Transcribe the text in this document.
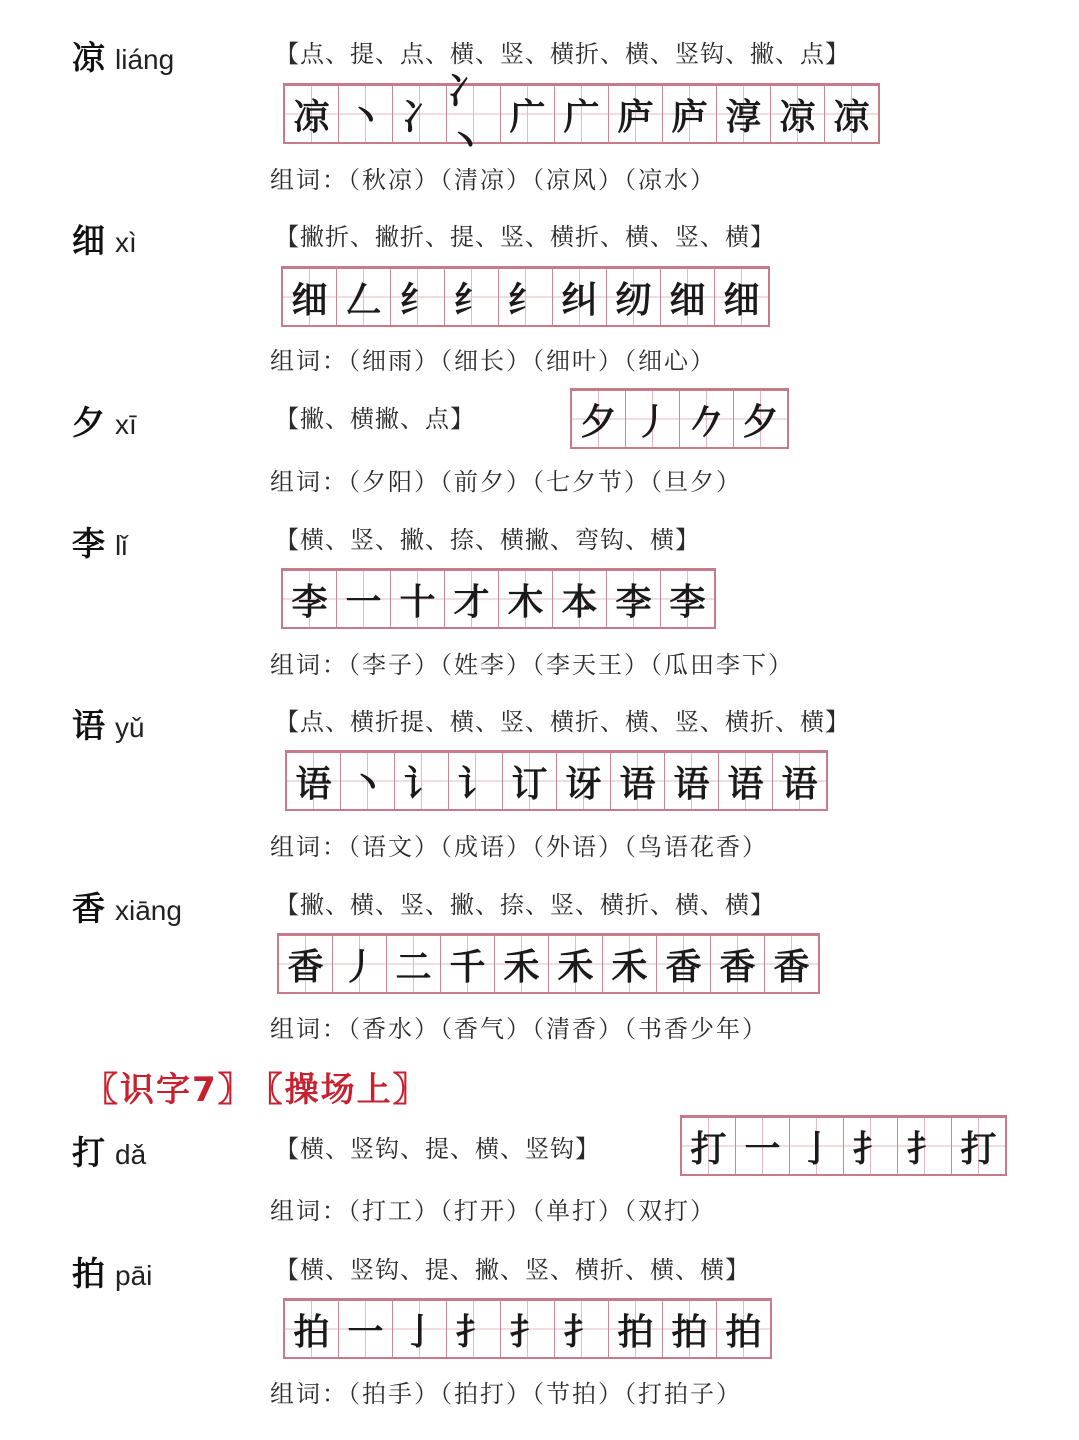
凉 liáng	【点、提、点、横、竖、横折、横、竖钩、撇、点】
凉 丶 冫
冫丶
广 广 庐 庐 淳 凉 凉
组词：（秋凉）（清凉）（凉风）（凉水）
细 xì	【撇折、撇折、提、竖、横折、横、竖、横】
细 𠃋 纟 纟 纟 纠 纫 细 细
组词：（细雨）（细长）（细叶）（细心）
夕 xī	【撇、横撇、点】	夕 丿 𠂊 夕
组词：（夕阳）（前夕）（七夕节）（旦夕）
李 lǐ	【横、竖、撇、捺、横撇、弯钩、横】
李 一 十 才 木 本 李 李
组词：（李子）（姓李）（李天王）（瓜田李下）
语 yǔ	【点、横折提、横、竖、横折、横、竖、横折、横】
语 丶 讠 讠 订 讶 语 语 语 语
组词：（语文）（成语）（外语）（鸟语花香）
香 xiāng	【撇、横、竖、撇、捺、竖、横折、横、横】
香 丿 二 千 禾 禾 禾 香 香 香
组词：（香水）（香气）（清香）（书香少年）
〖识字7〗 〖操场上〗
打 dǎ	【横、竖钩、提、横、竖钩】	打 一 亅 扌 扌 打
组词：（打工）（打开）（单打）（双打）
拍 pāi	【横、竖钩、提、撇、竖、横折、横、横】
拍 一 亅 扌 扌 扌 拍 拍 拍
组词：（拍手）（拍打）（节拍）（打拍子）
